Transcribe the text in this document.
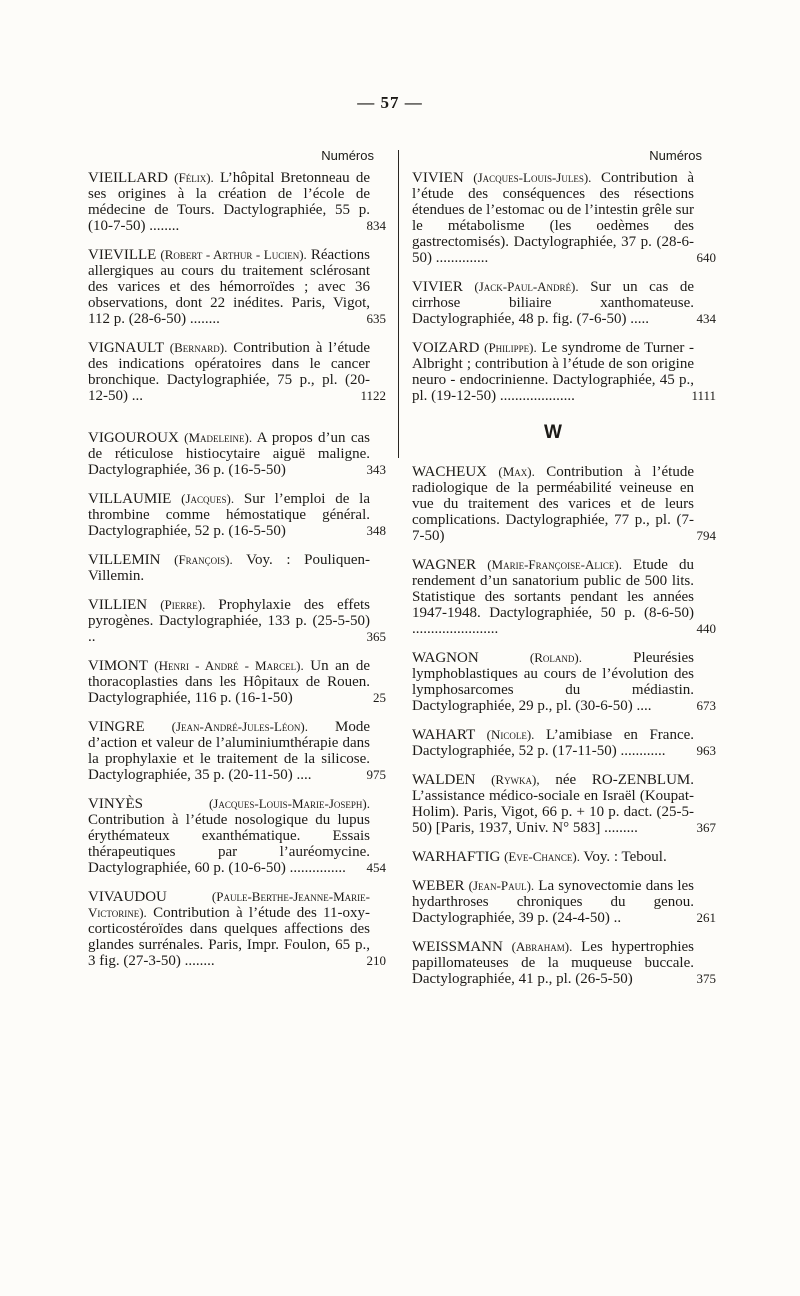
— 57 —
Numéros
VIEILLARD (Félix). L’hôpital Bretonneau de ses origines à la création de l’école de médecine de Tours. Dactylographiée, 55 p. (10-7-50) ........	834
VIEVILLE (Robert - Arthur - Lucien). Réactions allergiques au cours du traitement sclérosant des varices et des hémorroïdes ; avec 36 observations, dont 22 inédites. Paris, Vigot, 112 p. (28-6-50) ........	635
VIGNAULT (Bernard). Contribution à l’étude des indications opératoires dans le cancer bronchique. Dactylographiée, 75 p., pl. (20-12-50) ...	1122
VIGOUROUX (Madeleine). A propos d’un cas de réticulose histiocytaire aiguë maligne. Dactylographiée, 36 p. (16-5-50)	343
VILLAUMIE (Jacques). Sur l’emploi de la thrombine comme hémostatique général. Dactylographiée, 52 p. (16-5-50)	348
VILLEMIN (François). Voy. : Pouliquen-Villemin.
VILLIEN (Pierre). Prophylaxie des effets pyrogènes. Dactylographiée, 133 p. (25-5-50) ..	365
VIMONT (Henri - André - Marcel). Un an de thoracoplasties dans les Hôpitaux de Rouen. Dactylographiée, 116 p. (16-1-50)	25
VINGRE (Jean-André-Jules-Léon). Mode d’action et valeur de l’aluminiumthérapie dans la prophylaxie et le traitement de la silicose. Dactylographiée, 35 p. (20-11-50) ....	975
VINYÈS	(Jacques-Louis-Marie-Joseph). Contribution à l’étude nosologique du lupus érythémateux exanthématique. Essais thérapeutiques par l’auréomycine. Dactylographiée, 60 p. (10-6-50) ............... 454
VIVAUDOU	(Paule-Berthe-Jeanne-Marie-Victorine). Contribution à l’étude des 11-oxy-corticostéroïdes dans quelques affections des glandes surrénales. Paris, Impr. Foulon, 65 p., 3 fig. (27-3-50) ........	210
Numéros
VIVIEN (Jacques-Louis-Jules). Contribution à l’étude des conséquences des résections étendues de l’estomac ou de l’intestin grêle sur le métabolisme (les oedèmes des gastrectomisés). Dactylographiée, 37 p. (28-6-50) ..............	640
VIVIER (Jack-Paul-André). Sur un cas de cirrhose biliaire xanthomateuse. Dactylographiée, 48 p. fig. (7-6-50) .....	434
VOIZARD (Philippe). Le syndrome de Turner - Albright ; contribution à l’étude de son origine neuro - endocrinienne. Dactylographiée, 45 p., pl. (19-12-50) ....................	1111
W
WACHEUX (Max). Contribution à l’étude radiologique de la perméabilité veineuse en vue du traitement des varices et de leurs complications. Dactylographiée, 77 p., pl. (7-7-50)	794
WAGNER (Marie-Françoise-Alice). Etude du rendement d’un sanatorium public de 500 lits. Statistique des sortants pendant les années 1947-1948. Dactylographiée, 50 p. (8-6-50) .......................	440
WAGNON	(Roland). Pleurésies lymphoblastiques au cours de l’évolution des lymphosarcomes du médiastin. Dactylographiée, 29 p., pl. (30-6-50) ....	673
WAHART (Nicole). L’amibiase en France. Dactylographiée, 52 p. (17-11-50) ............ 963
WALDEN (Rywka), née RO-ZENBLUM. L’assistance médico-sociale en Israël (Koupat-Holim). Paris, Vigot, 66 p. + 10 p. dact. (25-5-50) [Paris, 1937, Univ. N° 583] .........	367
WARHAFTIG (Eve-Chance). Voy. : Teboul.
WEBER (Jean-Paul). La synovectomie dans les hydarthroses chroniques du genou. Dactylographiée, 39 p. (24-4-50) ..	261
WEISSMANN (Abraham). Les hypertrophies papillomateuses de la muqueuse buccale. Dactylographiée, 41 p., pl. (26-5-50)	375
